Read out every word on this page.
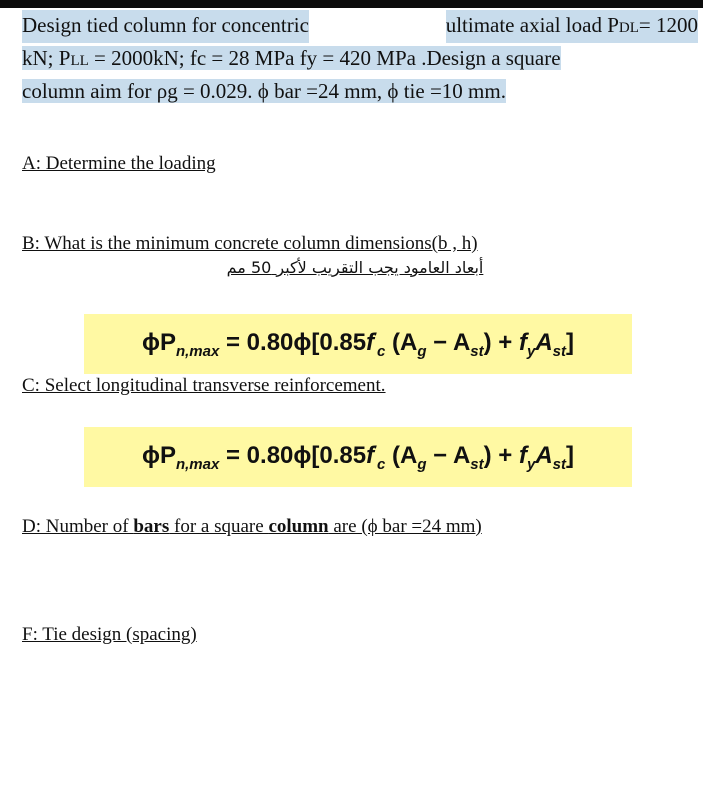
Design tied column for concentric	ultimate axial load PDL= 1200
kN; PLL = 2000kN; fc = 28 MPa fy = 420 MPa .Design a square
column aim for ρg = 0.029. ϕ bar =24 mm, ϕ tie =10 mm.
A: Determine the loading
B: What is the minimum concrete column dimensions(b , h)
أبعاد العامود يجب التقريب لأكبر 50 مم
$\phi P_{n,max} = 0.80\phi[0.85f'_c$ $(A_g - A_{st}) + f_yA_{st}$]
C: Select longitudinal transverse reinforcement.
$\phi P_{n,max} = 0.80\phi[0.85f'_c$ $(A_g - A_{st}) + f_yA_{st}$]
D: Number of bars for a square column are (ϕ bar =24 mm)
F: Tie design (spacing)
